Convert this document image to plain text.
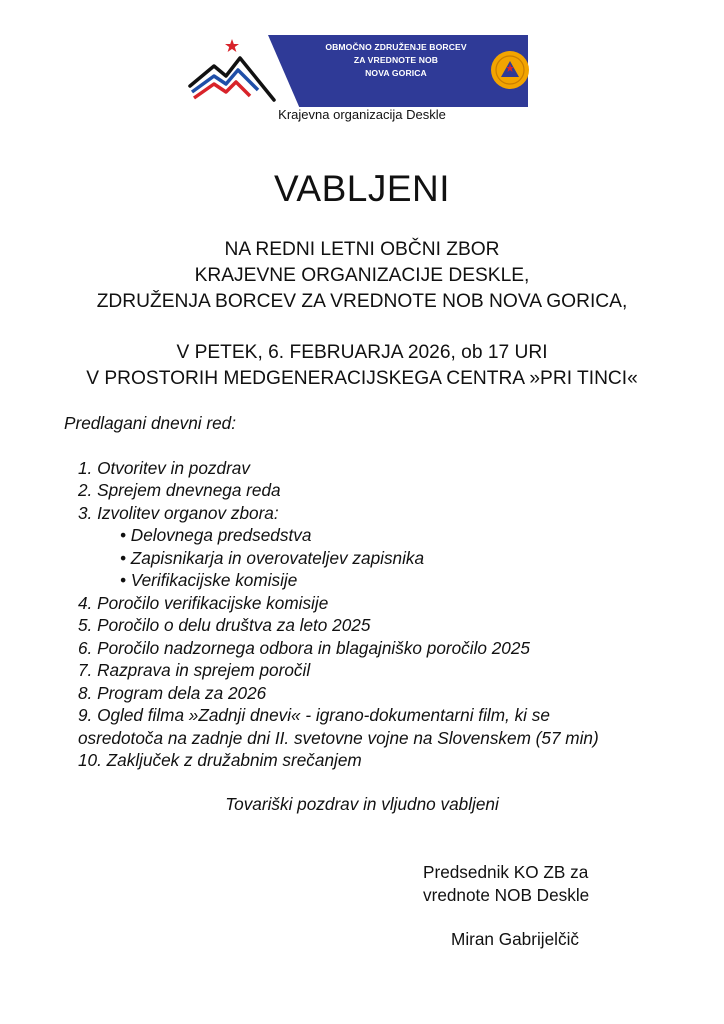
OBMOČNO ZDRUŽENJE BORCEV
ZA VREDNOTE NOB
NOVA GORICA
Krajevna organizacija Deskle
VABLJENI
NA REDNI LETNI OBČNI ZBOR
KRAJEVNE ORGANIZACIJE DESKLE,
ZDRUŽENJA BORCEV ZA VREDNOTE NOB NOVA GORICA,
V PETEK, 6. FEBRUARJA 2026, ob 17 URI
V PROSTORIH MEDGENERACIJSKEGA CENTRA »PRI TINCI«
Predlagani dnevni red:
1. Otvoritev in pozdrav
2. Sprejem dnevnega reda
3. Izvolitev organov zbora:
• Delovnega predsedstva
• Zapisnikarja in overovateljev zapisnika
• Verifikacijske komisije
4. Poročilo verifikacijske komisije
5. Poročilo o delu društva za leto 2025
6. Poročilo nadzornega odbora in blagajniško poročilo 2025
7. Razprava in sprejem poročil
8. Program dela za 2026
9. Ogled filma »Zadnji dnevi« - igrano-dokumentarni film, ki se
osredotoča na zadnje dni II. svetovne vojne na Slovenskem (57 min)
10. Zaključek z družabnim srečanjem
Tovariški pozdrav in vljudno vabljeni
Predsednik KO ZB za
vrednote NOB Deskle
Miran Gabrijelčič
